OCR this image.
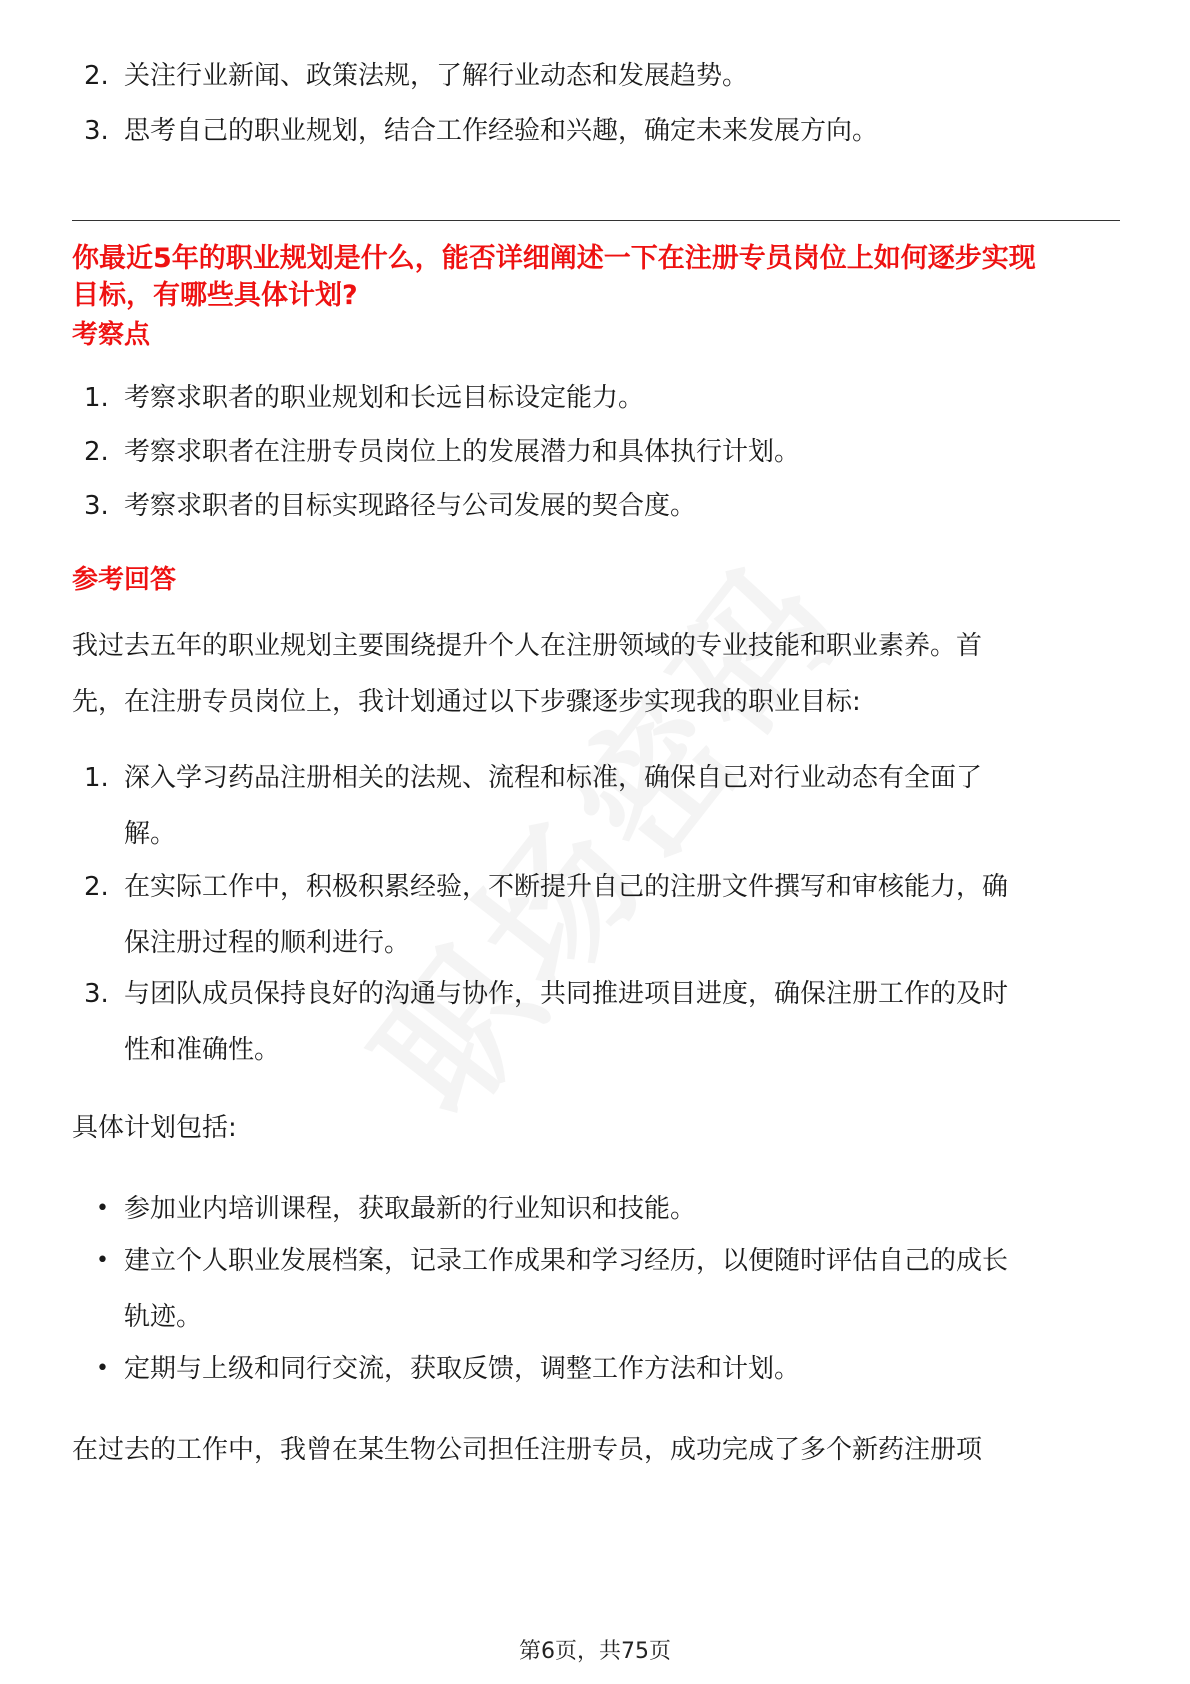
2. 关注行业新闻、政策法规，了解行业动态和发展趋势。
3. 思考自己的职业规划，结合工作经验和兴趣，确定未来发展方向。
你最近5年的职业规划是什么，能否详细阐述一下在注册专员岗位上如何逐步实现
目标，有哪些具体计划?
考察点
1. 考察求职者的职业规划和长远目标设定能力。
2. 考察求职者在注册专员岗位上的发展潜力和具体执行计划。
3. 考察求职者的目标实现路径与公司发展的契合度。
参考回答
我过去五年的职业规划主要围绕提升个人在注册领域的专业技能和职业素养。首
先，在注册专员岗位上，我计划通过以下步骤逐步实现我的职业目标:
1. 深入学习药品注册相关的法规、流程和标准，确保自己对行业动态有全面了
解。
2. 在实际工作中，积极积累经验，不断提升自己的注册文件撰写和审核能力，确
保注册过程的顺利进行。
3. 与团队成员保持良好的沟通与协作，共同推进项目进度，确保注册工作的及时
性和准确性。
具体计划包括:
• 参加业内培训课程，获取最新的行业知识和技能。
• 建立个人职业发展档案，记录工作成果和学习经历，以便随时评估自己的成长
轨迹。
• 定期与上级和同行交流，获取反馈，调整工作方法和计划。
在过去的工作中，我曾在某生物公司担任注册专员，成功完成了多个新药注册项
第6页，共75页
